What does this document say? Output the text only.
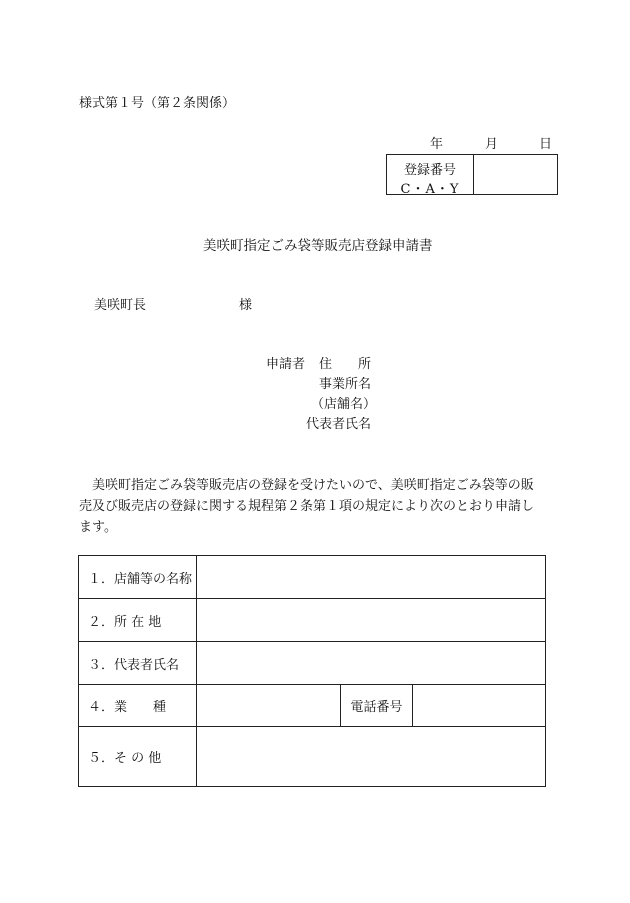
様式第１号（第２条関係）
年	月	日
登録番号
C・A・Y
美咲町指定ごみ袋等販売店登録申請書
美咲町長	様
申請者 住　　所
事業所名
（店舗名）
代表者氏名
　美咲町指定ごみ袋等販売店の登録を受けたいので、美咲町指定ごみ袋等の販
売及び販売店の登録に関する規程第２条第１項の規定により次のとおり申請し
ます。
１．店舗等の名称			
２．所 在 地			
３．代表者氏名			
４．業　　種		電話番号	
５．そ の 他			
